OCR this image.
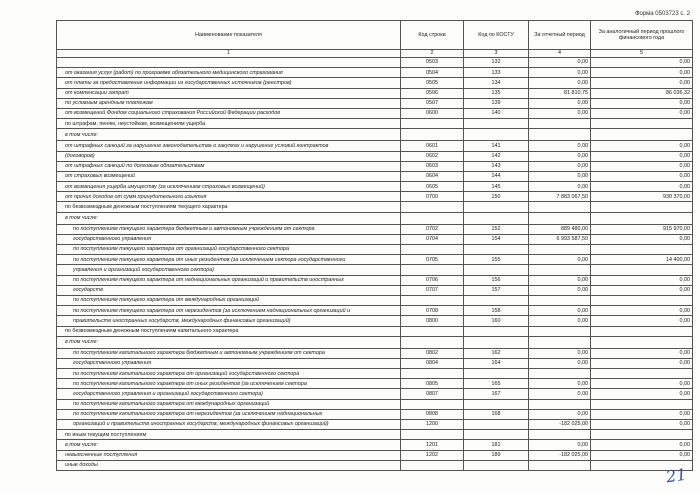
Форма 0503723 с. 2
Наименование показателя	Код строки	Код по КОСГУ	За отчетный период	За аналогичный период прошлого финансового года
1	2	3	4	5
	0503	132	0,00	0,00
от оказания услуг (работ) по программе обязательного медицинского страхования	0504	133	0,00	0,00
от платы за предоставление информации из государственных источников (реестров)	0505	134	0,00	0,00
от компенсации затрат	0506	135	81 810,75	86 036,32
по условным арендным платежам	0507	139	0,00	0,00
от возмещений Фондом социального страхования Российской Федерации расходов	0600	140	0,00	0,00
по штрафам, пеням, неустойкам, возмещениям ущерба				
в том числе:				
от штрафных санкций за нарушение законодательства о закупках и нарушение условий контрактов	0601	141	0,00	0,00
(договоров)	0602	142	0,00	0,00
от штрафных санкций по долговым обязательствам	0603	143	0,00	0,00
от страховых возмещений	0604	144	0,00	0,00
от возмещения ущерба имуществу (за исключением страховых возмещений)	0605	145	0,00	0,00
от прочих доходов от сумм принудительного изъятия	0700	150	7 883 067,50	930 370,00
по безвозмездным денежным поступлениям текущего характера				
в том числе:				
по поступлениям текущего характера бюджетным и автономным учреждениям от сектора	0702	152	889 480,00	915 970,00
государственного управления	0704	154	6 993 587,50	0,00
по поступлениям текущего характера от организаций государственного сектора				
по поступлениям текущего характера от иных резидентов (за исключением сектора государственного	0705	155	0,00	14 400,00
управления и организаций государственного сектора)				
по поступлениям текущего характера от наднациональных организаций и правительств иностранных	0706	156	0,00	0,00
государств	0707	157	0,00	0,00
по поступлениям текущего характера от международных организаций				
по поступлениям текущего характера от нерезидентов (за исключением наднациональных организаций и	0708	158	0,00	0,00
правительств иностранных государств, международных финансовых организаций)	0800	160	0,00	0,00
по безвозмездным денежным поступлениям капитального характера				
в том числе:				
по поступлениям капитального характера бюджетным и автономным учреждениям от сектора	0802	162	0,00	0,00
государственного управления	0804	164	0,00	0,00
по поступлениям капитального характера от организаций государственного сектора				
по поступлениям капитального характера от иных резидентов (за исключением сектора	0805	165	0,00	0,00
государственного управления и организаций государственного сектора)	0807	167	0,00	0,00
по поступлениям капитального характера от международных организаций				
по поступлениям капитального характера от нерезидентов (за исключением наднациональных	0808	168	0,00	0,00
организаций и правительств иностранных государств, международных финансовых организаций)	1200		-182 025,00	0,00
по иным текущим поступлениям				
в том числе:	1201	181	0,00	0,00
невыясненные поступления	1202	189	-182 025,00	0,00
иные доходы					21
